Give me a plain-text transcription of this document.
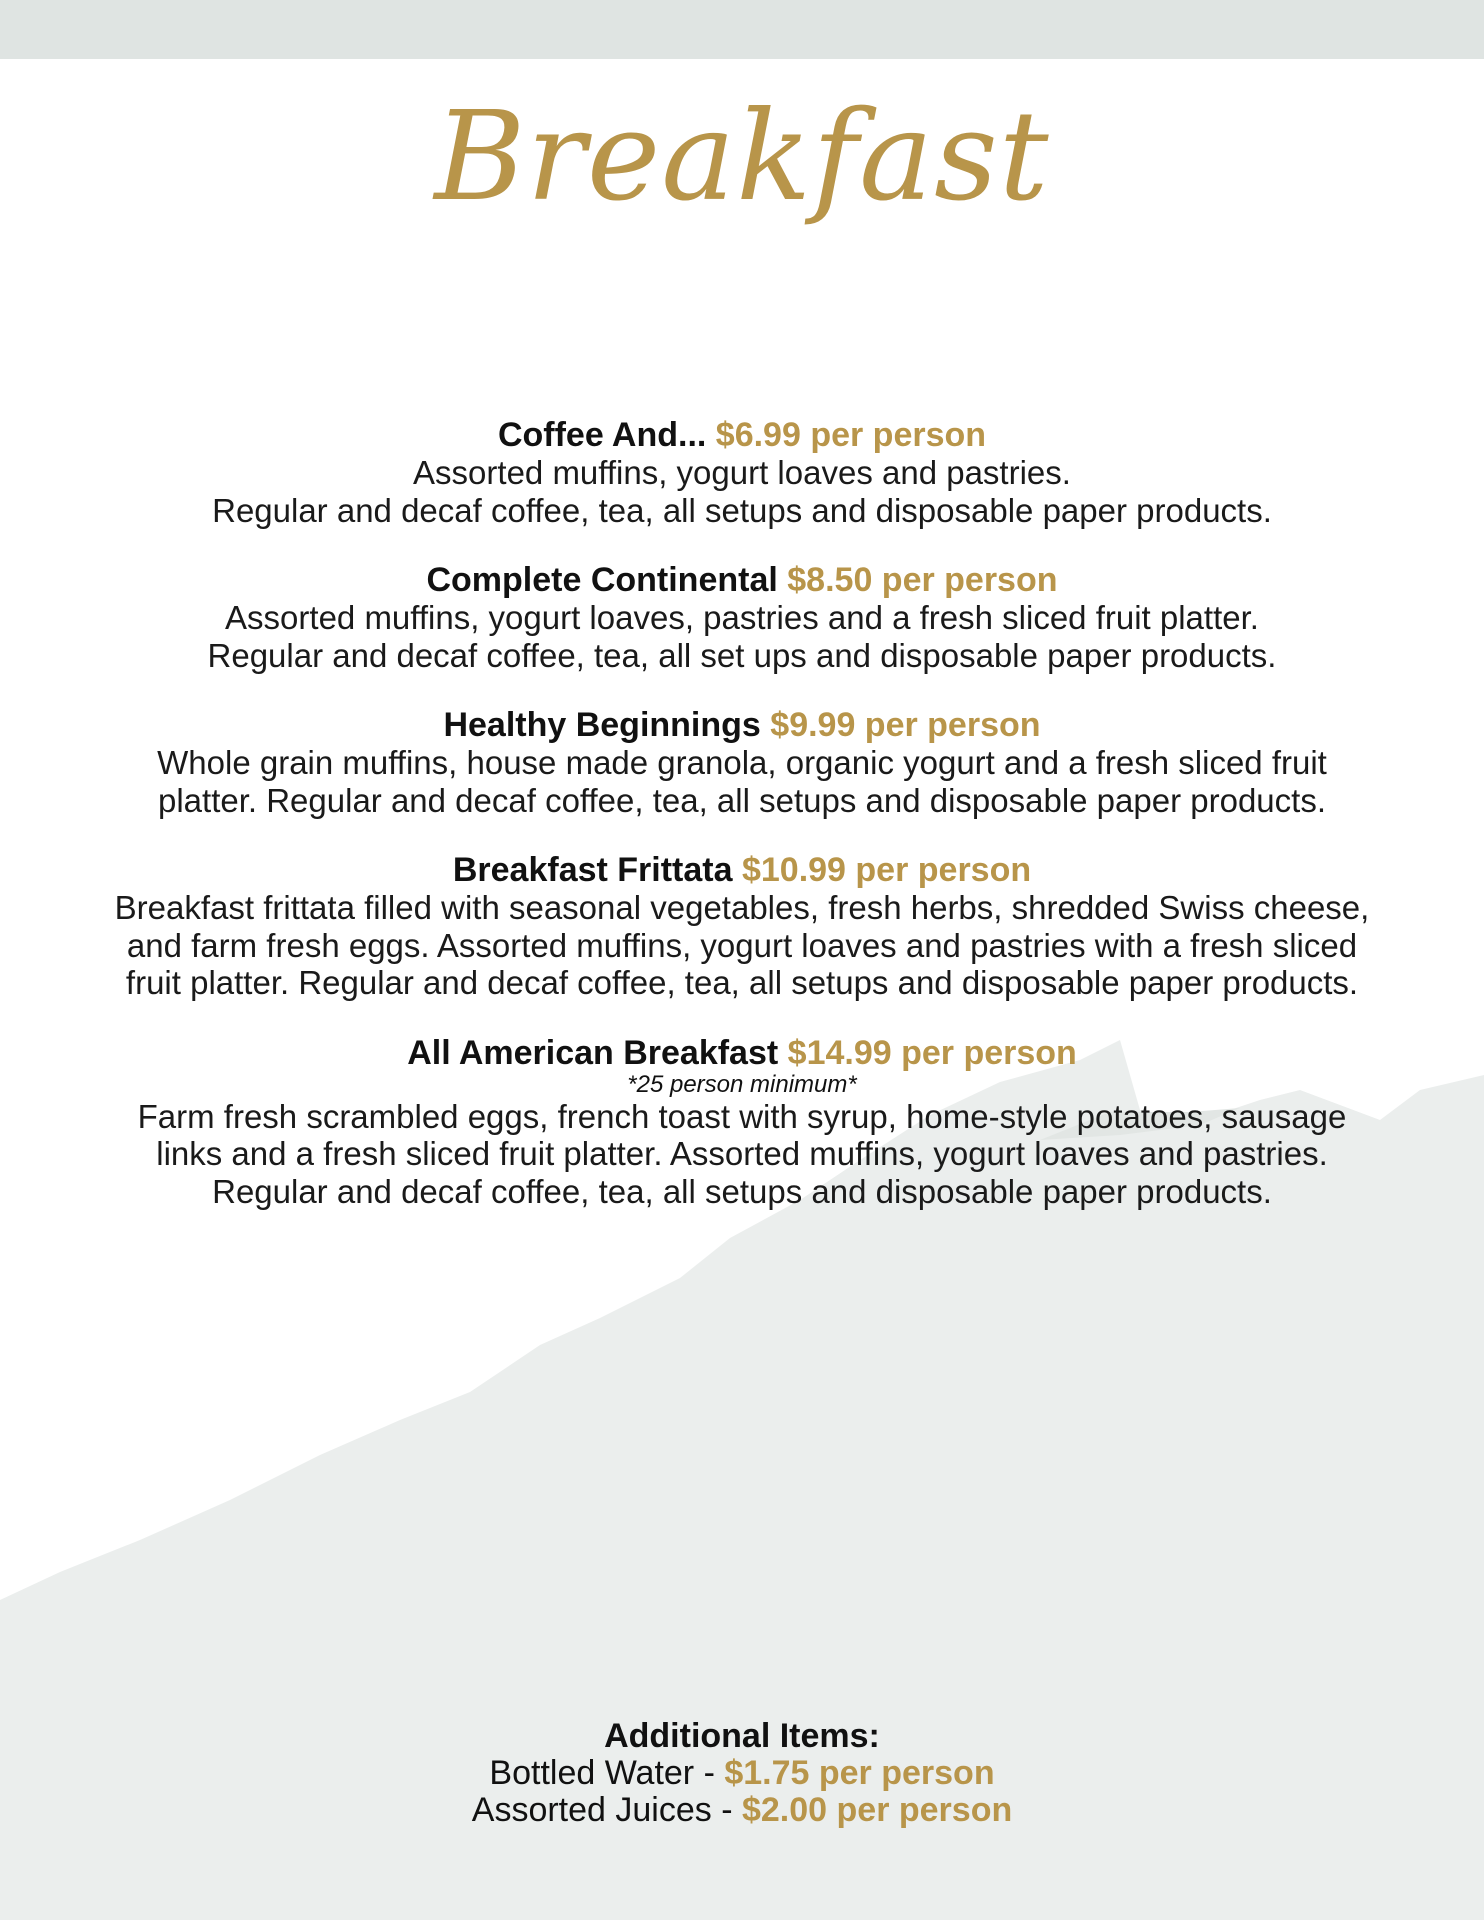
Breakfast
Coffee And... $6.99 per person
Assorted muffins, yogurt loaves and pastries.
Regular and decaf coffee, tea, all setups and disposable paper products.
Complete Continental $8.50 per person
Assorted muffins, yogurt loaves, pastries and a fresh sliced fruit platter.
Regular and decaf coffee, tea, all set ups and disposable paper products.
Healthy Beginnings $9.99 per person
Whole grain muffins, house made granola, organic yogurt and a fresh sliced fruit
platter. Regular and decaf coffee, tea, all setups and disposable paper products.
Breakfast Frittata $10.99 per person
Breakfast frittata filled with seasonal vegetables, fresh herbs, shredded Swiss cheese,
and farm fresh eggs. Assorted muffins, yogurt loaves and pastries with a fresh sliced
fruit platter. Regular and decaf coffee, tea, all setups and disposable paper products.
All American Breakfast $14.99 per person
*25 person minimum*
Farm fresh scrambled eggs, french toast with syrup, home-style potatoes, sausage
links and a fresh sliced fruit platter. Assorted muffins, yogurt loaves and pastries.
Regular and decaf coffee, tea, all setups and disposable paper products.
Additional Items:
Bottled Water - $1.75 per person
Assorted Juices - $2.00 per person
